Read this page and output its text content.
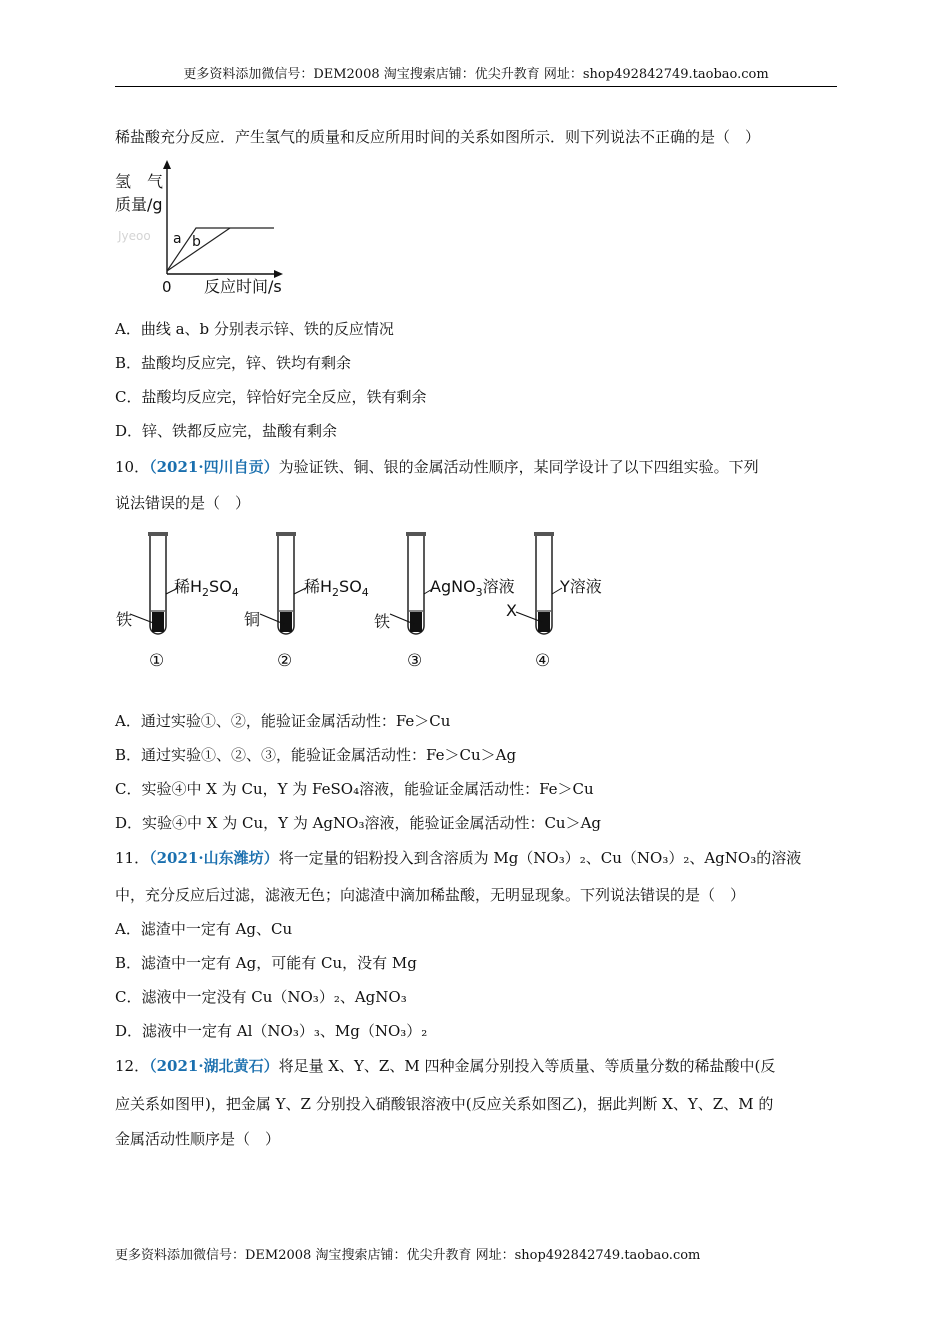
更多资料添加微信号：DEM2008 淘宝搜索店铺：优尖升教育 网址：shop492842749.taobao.com
稀盐酸充分反应．产生氢气的质量和反应所用时间的关系如图所示．则下列说法不正确的是（　）
氢　气
质量/g
Jyeoo a b
0 反应时间/s
A．曲线 a、b 分别表示锌、铁的反应情况
B．盐酸均反应完，锌、铁均有剩余
C．盐酸均反应完，锌恰好完全反应，铁有剩余
D．锌、铁都反应完，盐酸有剩余
10．（2021·四川自贡）为验证铁、铜、银的金属活动性顺序，某同学设计了以下四组实验。下列
说法错误的是（　）
稀$H_2SO_4$
铁
①
稀$H_2SO_4$
铜
②
AgNO$_3$溶液
铁
③
Y溶液
X
④
A．通过实验①、②，能验证金属活动性：Fe＞Cu
B．通过实验①、②、③，能验证金属活动性：Fe＞Cu＞Ag
C．实验④中 X 为 Cu，Y 为 FeSO₄溶液，能验证金属活动性：Fe＞Cu
D．实验④中 X 为 Cu，Y 为 AgNO₃溶液，能验证金属活动性：Cu＞Ag
11．（2021·山东潍坊）将一定量的铝粉投入到含溶质为 Mg（NO₃）₂、Cu（NO₃）₂、AgNO₃的溶液
中，充分反应后过滤，滤液无色；向滤渣中滴加稀盐酸，无明显现象。下列说法错误的是（　）
A．滤渣中一定有 Ag、Cu
B．滤渣中一定有 Ag，可能有 Cu，没有 Mg
C．滤液中一定没有 Cu（NO₃）₂、AgNO₃
D．滤液中一定有 Al（NO₃）₃、Mg（NO₃）₂
12．（2021·湖北黄石）将足量 X、Y、Z、M 四种金属分别投入等质量、等质量分数的稀盐酸中(反
应关系如图甲)，把金属 Y、Z 分别投入硝酸银溶液中(反应关系如图乙)，据此判断 X、Y、Z、M 的
金属活动性顺序是（　）
更多资料添加微信号：DEM2008 淘宝搜索店铺：优尖升教育 网址：shop492842749.taobao.com
